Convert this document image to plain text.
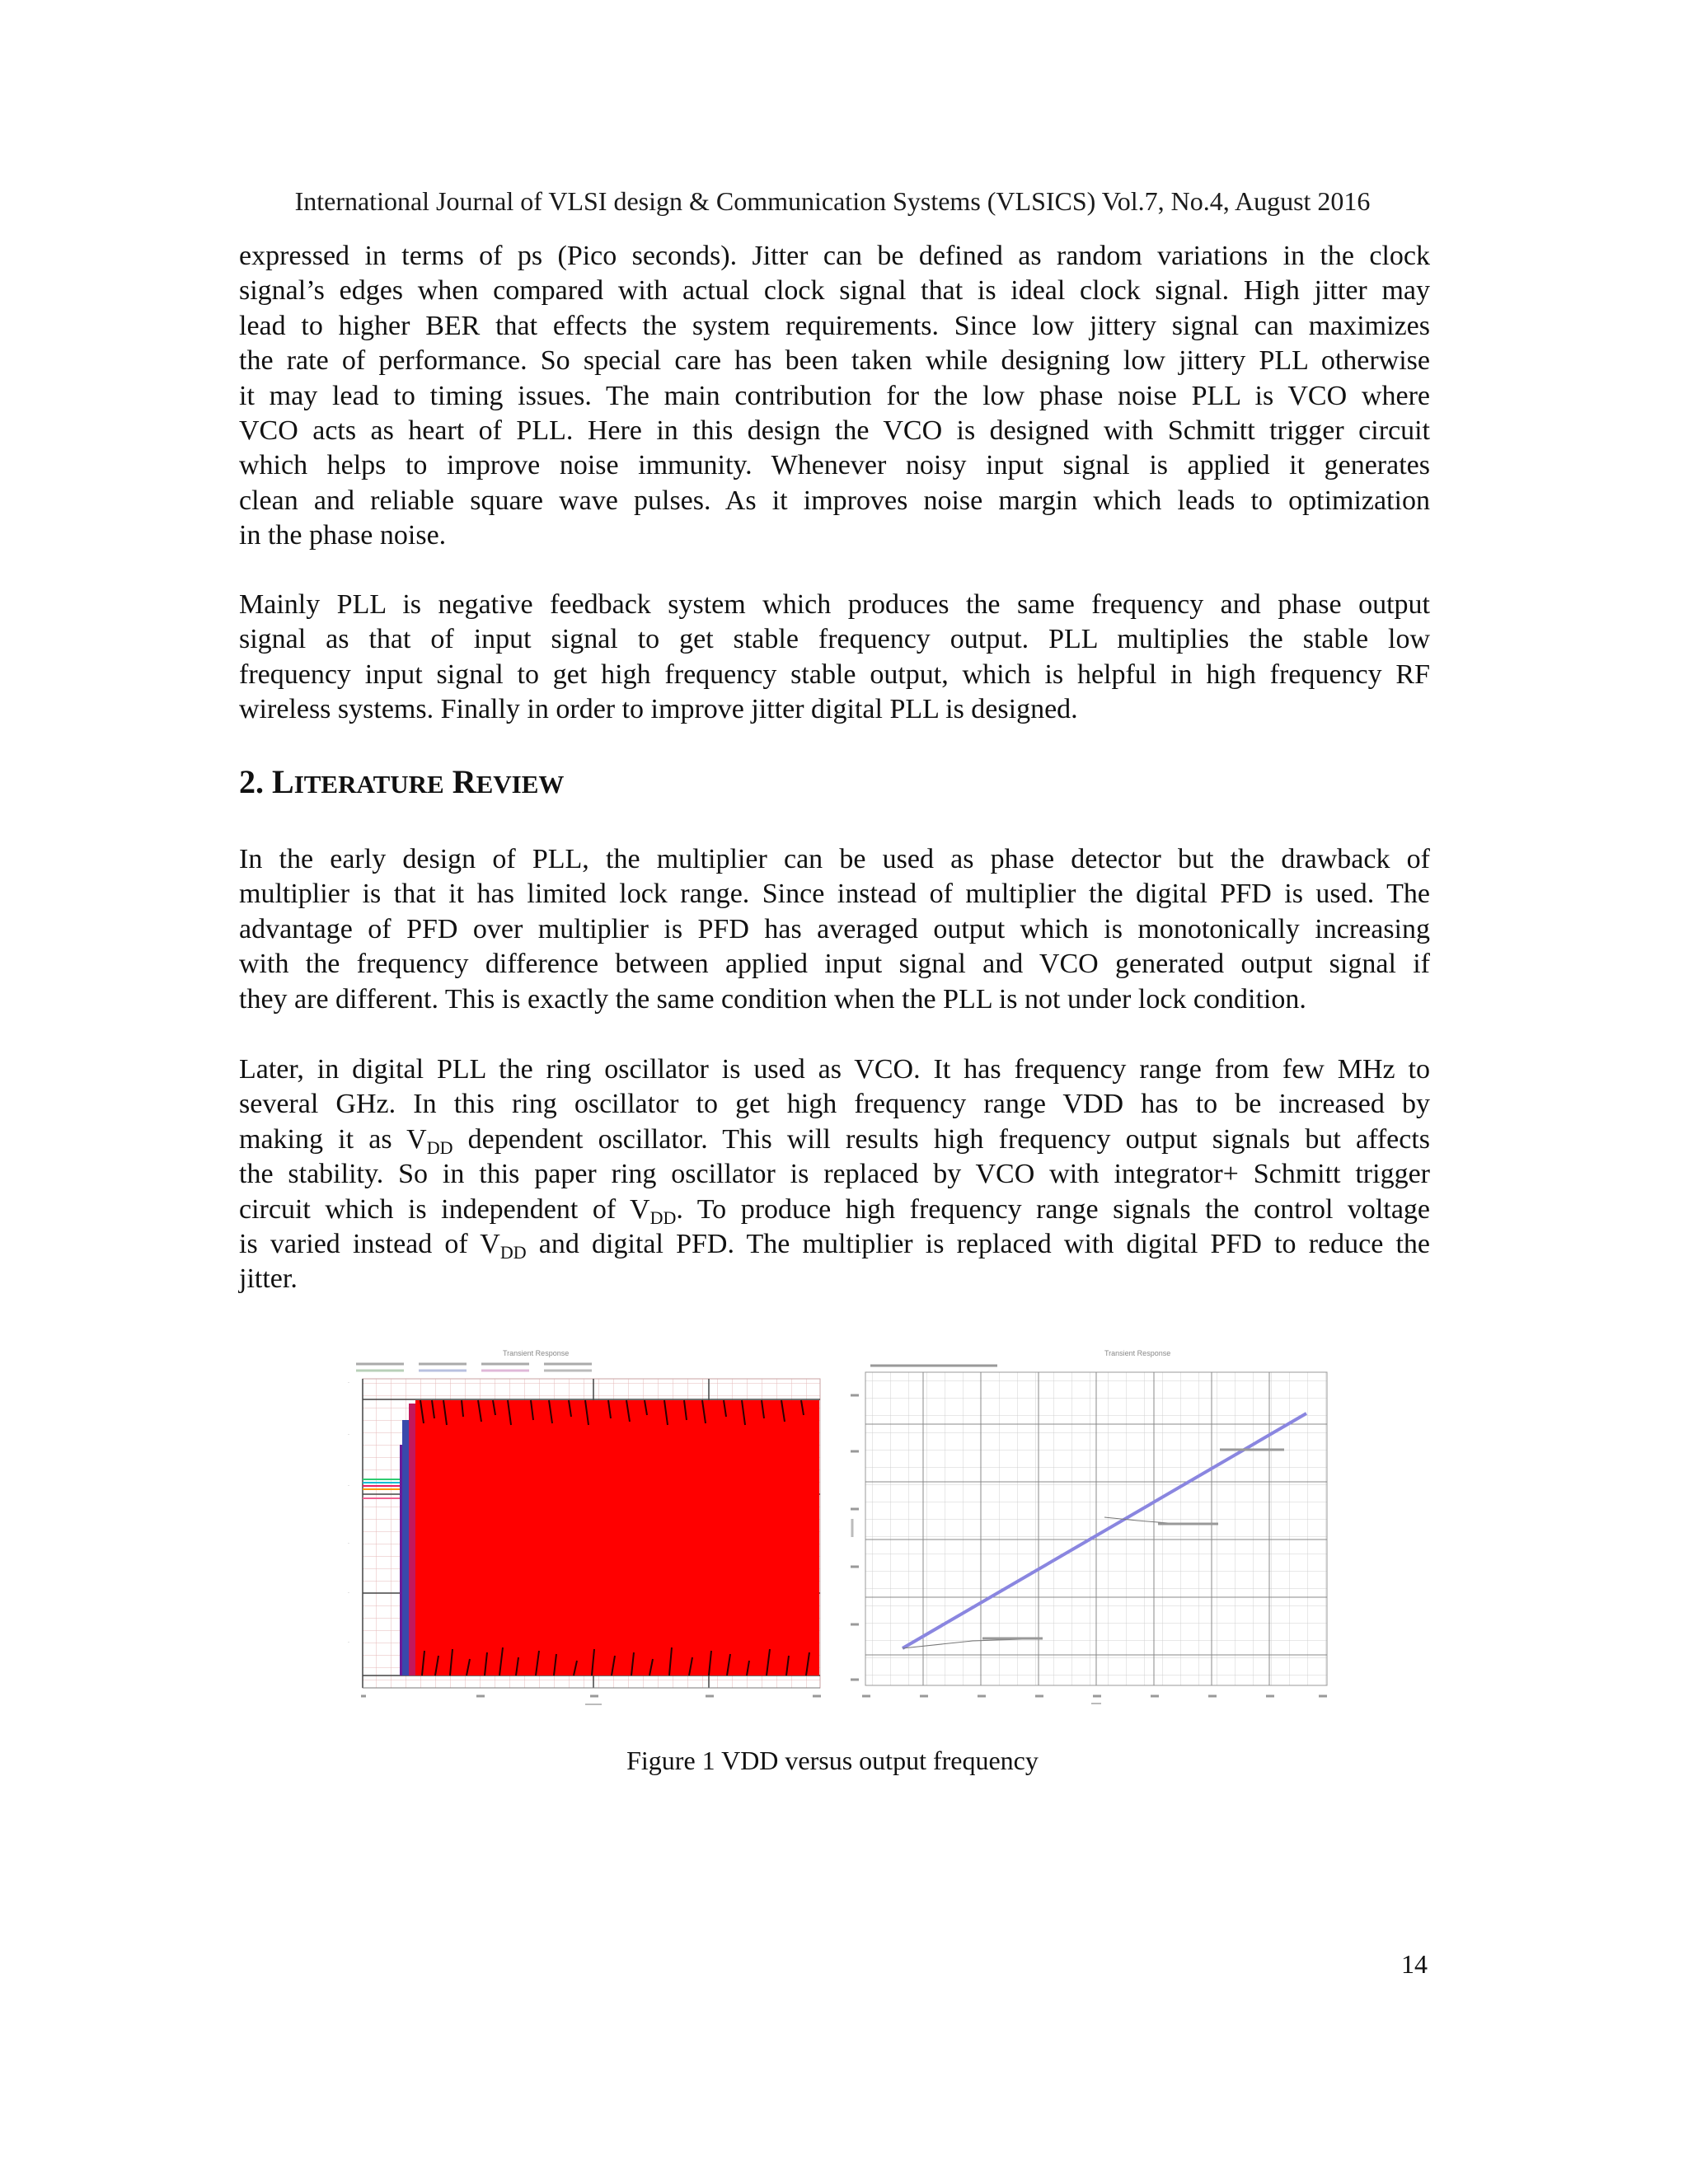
International Journal of VLSI design & Communication Systems (VLSICS) Vol.7, No.4, August 2016
expressed in terms of ps (Pico seconds). Jitter can be defined as random variations in the clock
signal’s edges when compared with actual clock signal that is ideal clock signal. High jitter may
lead to higher BER that effects the system requirements. Since low jittery signal can maximizes
the rate of performance. So special care has been taken while designing low jittery PLL otherwise
it may lead to timing issues. The main contribution for the low phase noise PLL is VCO where
VCO acts as heart of PLL. Here in this design the VCO is designed with Schmitt trigger circuit
which helps to improve noise immunity. Whenever noisy input signal is applied it generates
clean and reliable square wave pulses. As it improves noise margin which leads to optimization
in the phase noise.
Mainly PLL is negative feedback system which produces the same frequency and phase output
signal as that of input signal to get stable frequency output. PLL multiplies the stable low
frequency input signal to get high frequency stable output, which is helpful in high frequency RF
wireless systems. Finally in order to improve jitter digital PLL is designed.
2. LITERATURE REVIEW
In the early design of PLL, the multiplier can be used as phase detector but the drawback of
multiplier is that it has limited lock range. Since instead of multiplier the digital PFD is used. The
advantage of PFD over multiplier is PFD has averaged output which is monotonically increasing
with the frequency difference between applied input signal and VCO generated output signal if
they are different. This is exactly the same condition when the PLL is not under lock condition.
Later, in digital PLL the ring oscillator is used as VCO. It has frequency range from few MHz to
several GHz. In this ring oscillator to get high frequency range VDD has to be increased by
making it as $V_{DD}$ dependent oscillator. This will results high frequency output signals but affects
the stability. So in this paper ring oscillator is replaced by VCO with integrator+ Schmitt trigger
circuit which is independent of $V_{DD}$. To produce high frequency range signals the control voltage
is varied instead of $V_{DD}$ and digital PFD. The multiplier is replaced with digital PFD to reduce the
jitter.
Transient Response
.
.
.
.
.
.
Transient Response
Figure 1 VDD versus output frequency
14
